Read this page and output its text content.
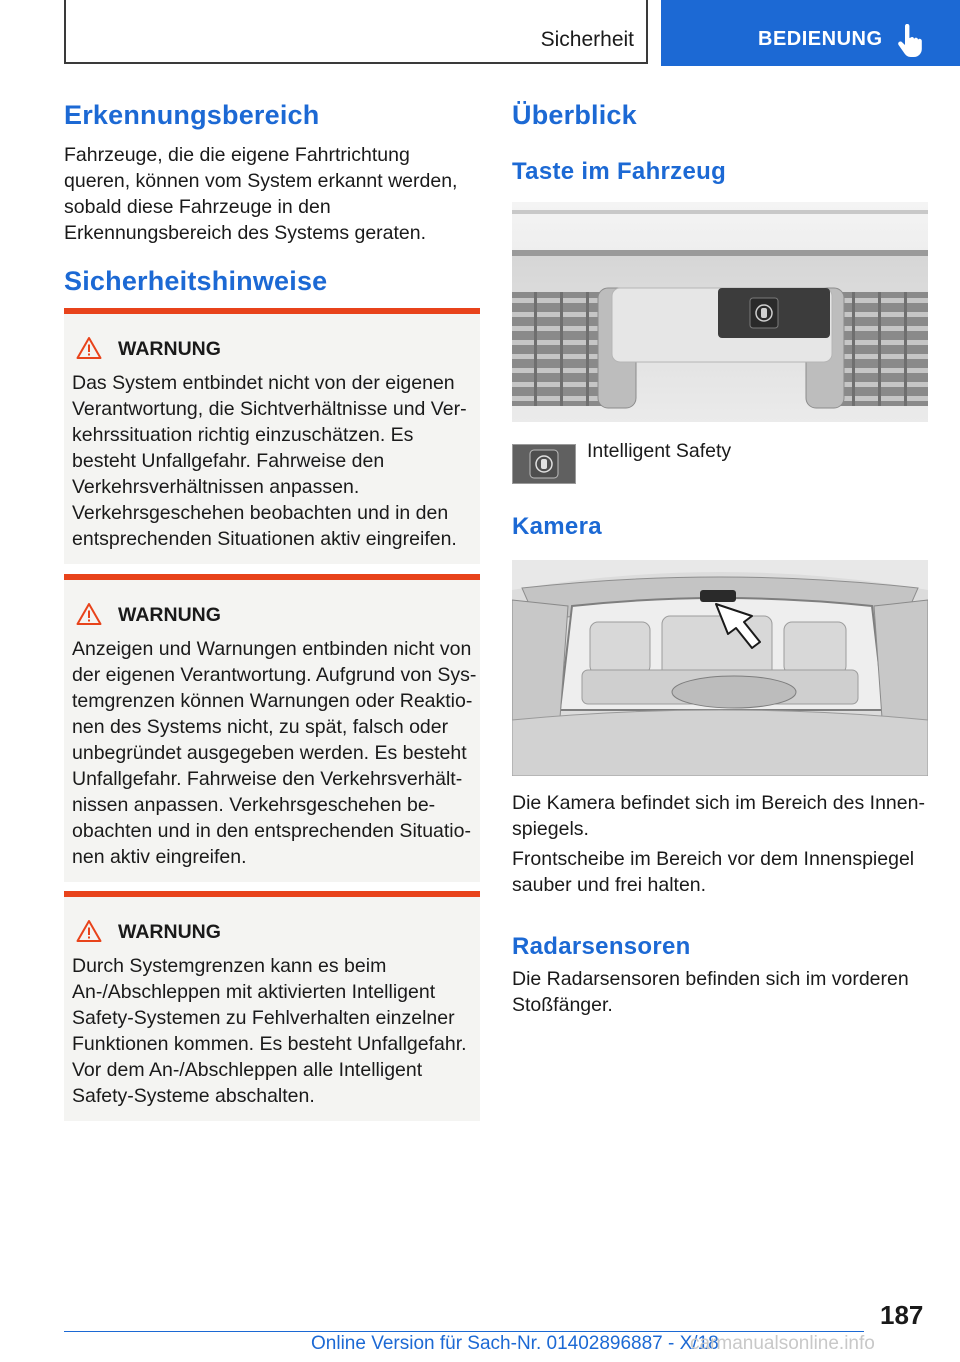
Sicherheit	BEDIENUNG
Erkennungsbereich

Fahrzeuge, die die eigene Fahrtrichtung queren, können vom System erkannt werden, sobald diese Fahrzeuge in den Erkennungsbereich des Systems geraten.

Sicherheitshinweise
WARNUNG

Das System entbindet nicht von der eigenen Verantwortung, die Sichtverhältnisse und Verkehrssituation richtig einzuschätzen. Es besteht Unfallgefahr. Fahrweise den Verkehrsverhältnissen anpassen. Verkehrsgeschehen beobachten und in den entsprechenden Situationen aktiv eingreifen.

WARNUNG

Anzeigen und Warnungen entbinden nicht von der eigenen Verantwortung. Aufgrund von Systemgrenzen können Warnungen oder Reaktionen des Systems nicht, zu spät, falsch oder unbegründet ausgegeben werden. Es besteht Unfallgefahr. Fahrweise den Verkehrsverhältnissen anpassen. Verkehrsgeschehen beobachten und in den entsprechenden Situationen aktiv eingreifen.

WARNUNG

Durch Systemgrenzen kann es beim An-/Abschleppen mit aktivierten Intelligent Safety-Systemen zu Fehlverhalten einzelner Funktionen kommen. Es besteht Unfallgefahr. Vor dem An-/Abschleppen alle Intelligent Safety-Systeme abschalten.

Überblick
Taste im Fahrzeug
Intelligent Safety
Kamera

Die Kamera befindet sich im Bereich des Innenspiegels.

Frontscheibe im Bereich vor dem Innenspiegel sauber und frei halten.

Radarsensoren

Die Radarsensoren befinden sich im vorderen Stoßfänger.

187
Online Version für Sach-Nr. 01402896887 - X/18
carmanualsonline.info
